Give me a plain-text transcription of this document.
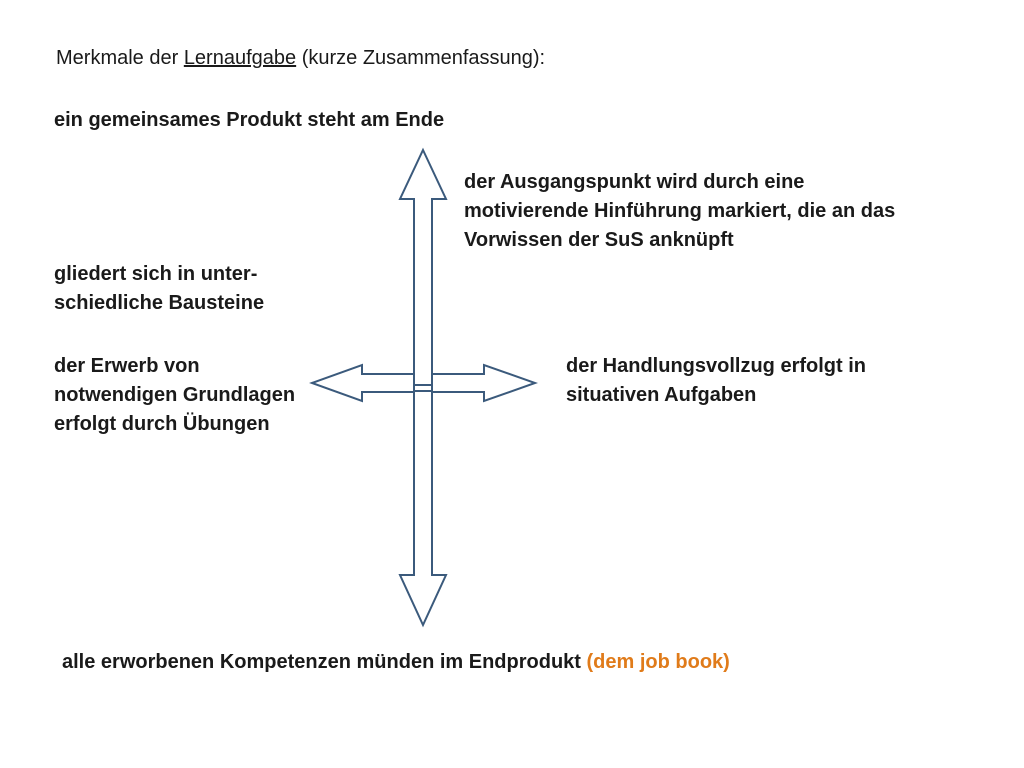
Merkmale der Lernaufgabe (kurze Zusammenfassung):
ein gemeinsames Produkt steht am Ende
der Ausgangspunkt wird durch eine
motivierende Hinführung markiert, die an das
Vorwissen der SuS anknüpft
gliedert sich in unter-
schiedliche Bausteine
der Erwerb von
notwendigen Grundlagen
erfolgt durch Übungen
der Handlungsvollzug erfolgt in
situativen Aufgaben
alle erworbenen Kompetenzen münden im Endprodukt (dem job book)
